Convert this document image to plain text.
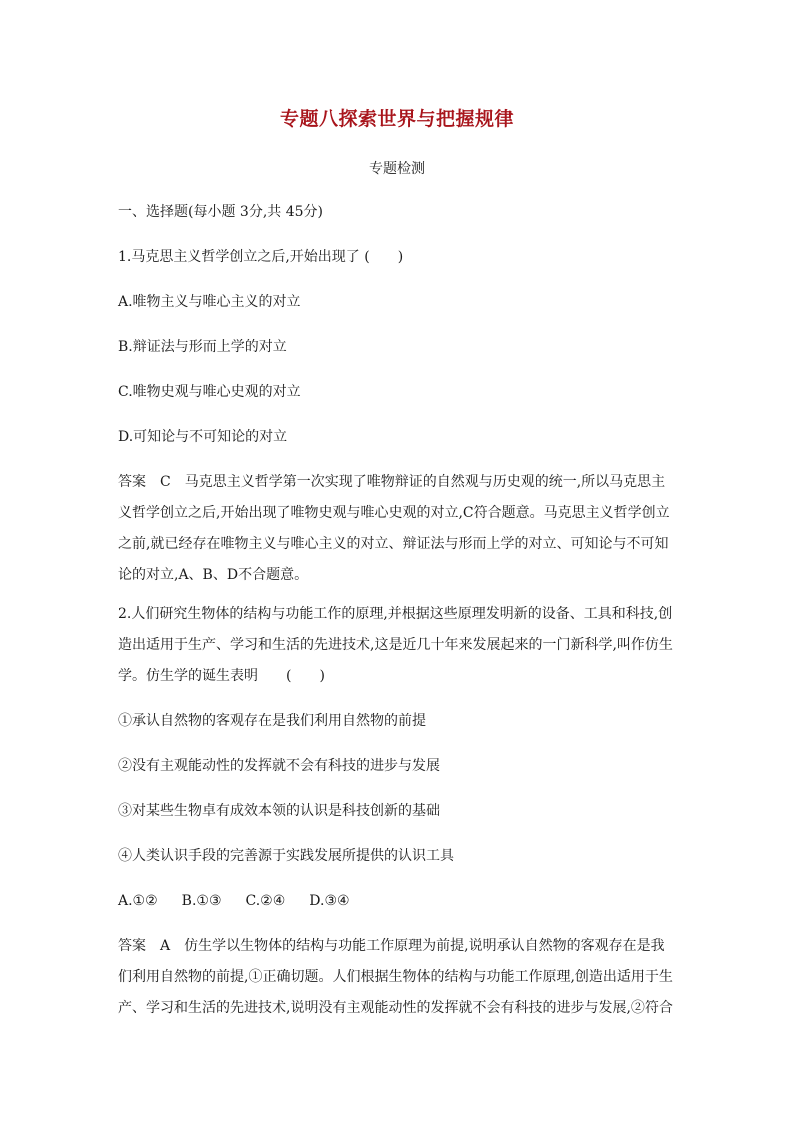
专题八探索世界与把握规律
专题检测
一、选择题(每小题 3分,共 45分)
1.马克思主义哲学创立之后,开始出现了 (　　)
A.唯物主义与唯心主义的对立
B.辩证法与形而上学的对立
C.唯物史观与唯心史观的对立
D.可知论与不可知论的对立
答案 C 马克思主义哲学第一次实现了唯物辩证的自然观与历史观的统一,所以马克思主
义哲学创立之后,开始出现了唯物史观与唯心史观的对立,C符合题意。马克思主义哲学创立
之前,就已经存在唯物主义与唯心主义的对立、辩证法与形而上学的对立、可知论与不可知
论的对立,A、B、D不合题意。
2.人们研究生物体的结构与功能工作的原理,并根据这些原理发明新的设备、工具和科技,创
造出适用于生产、学习和生活的先进技术,这是近几十年来发展起来的一门新科学,叫作仿生
学。仿生学的诞生表明　　(　　)
①承认自然物的客观存在是我们利用自然物的前提
②没有主观能动性的发挥就不会有科技的进步与发展
③对某些生物卓有成效本领的认识是科技创新的基础
④人类认识手段的完善源于实践发展所提供的认识工具
A.①② B.①③ C.②④ D.③④
答案 A 仿生学以生物体的结构与功能工作原理为前提,说明承认自然物的客观存在是我
们利用自然物的前提,①正确切题。人们根据生物体的结构与功能工作原理,创造出适用于生
产、学习和生活的先进技术,说明没有主观能动性的发挥就不会有科技的进步与发展,②符合
